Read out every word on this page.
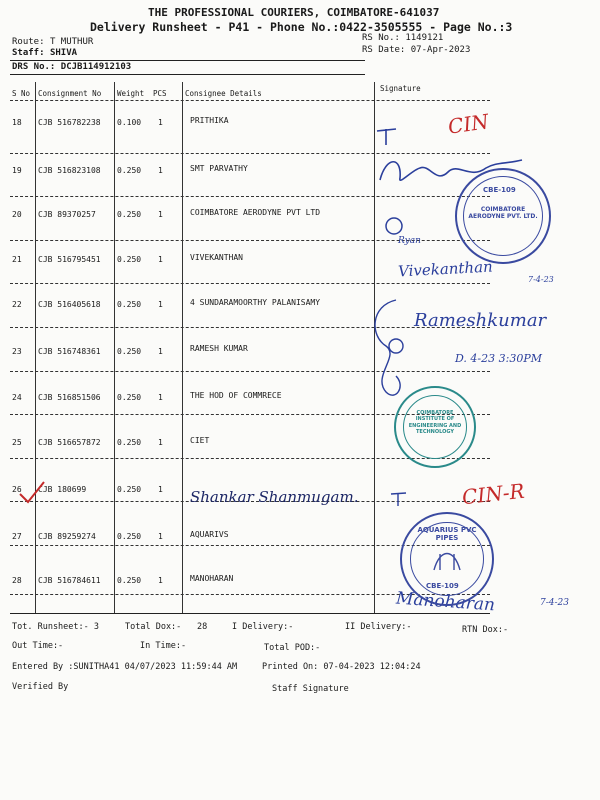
THE PROFESSIONAL COURIERS, COIMBATORE-641037
Delivery Runsheet - P41 - Phone No.:0422-3505555 - Page No.:3
Route: T MUTHUR
Staff: SHIVA
DRS No.: DCJB114912103
RS No.: 1149121
RS Date: 07-Apr-2023
S No Consignment No Weight PCS Consignee Details
Signature
18 CJB 516782238 0.100 1	PRITHIKA
19 CJB 516823108 0.250 1	SMT PARVATHY
20 CJB 89370257	0.250 1	COIMBATORE AERODYNE PVT LTD
21 CJB 516795451 0.250 1	VIVEKANTHAN
22 CJB 516405618 0.250 1	4 SUNDARAMOORTHY PALANISAMY
23 CJB 516748361 0.250 1	RAMESH KUMAR
24 CJB 516851506 0.250 1	THE HOD OF COMMRECE
25 CJB 516657872 0.250 1	CIET
26 CJB 180699	0.250 1
27 CJB 89259274	0.250 1	AQUARIVS
28 CJB 516784611 0.250 1	MANOHARAN
CIN
Ryan
Vivekanthan	7-4-23
Rameshkumar
D. 4-23 3:30PM
Shankar Shanmugam.	CIN-R
Manoharan	7-4-23
COIMBATORE AERODYNE PVT. LTD.
CBE-109
COIMBATORE INSTITUTE OF ENGINEERING AND TECHNOLOGY
AQUARIUS PVC PIPES
CBE-109
Tot. Runsheet:- 3	Total Dox:- 28	I Delivery:-	II Delivery:-	RTN Dox:-
Out Time:-	In Time:-	Total POD:-
Entered By :SUNITHA41 04/07/2023 11:59:44 AM	Printed On: 07-04-2023 12:04:24
Verified By	Staff Signature
